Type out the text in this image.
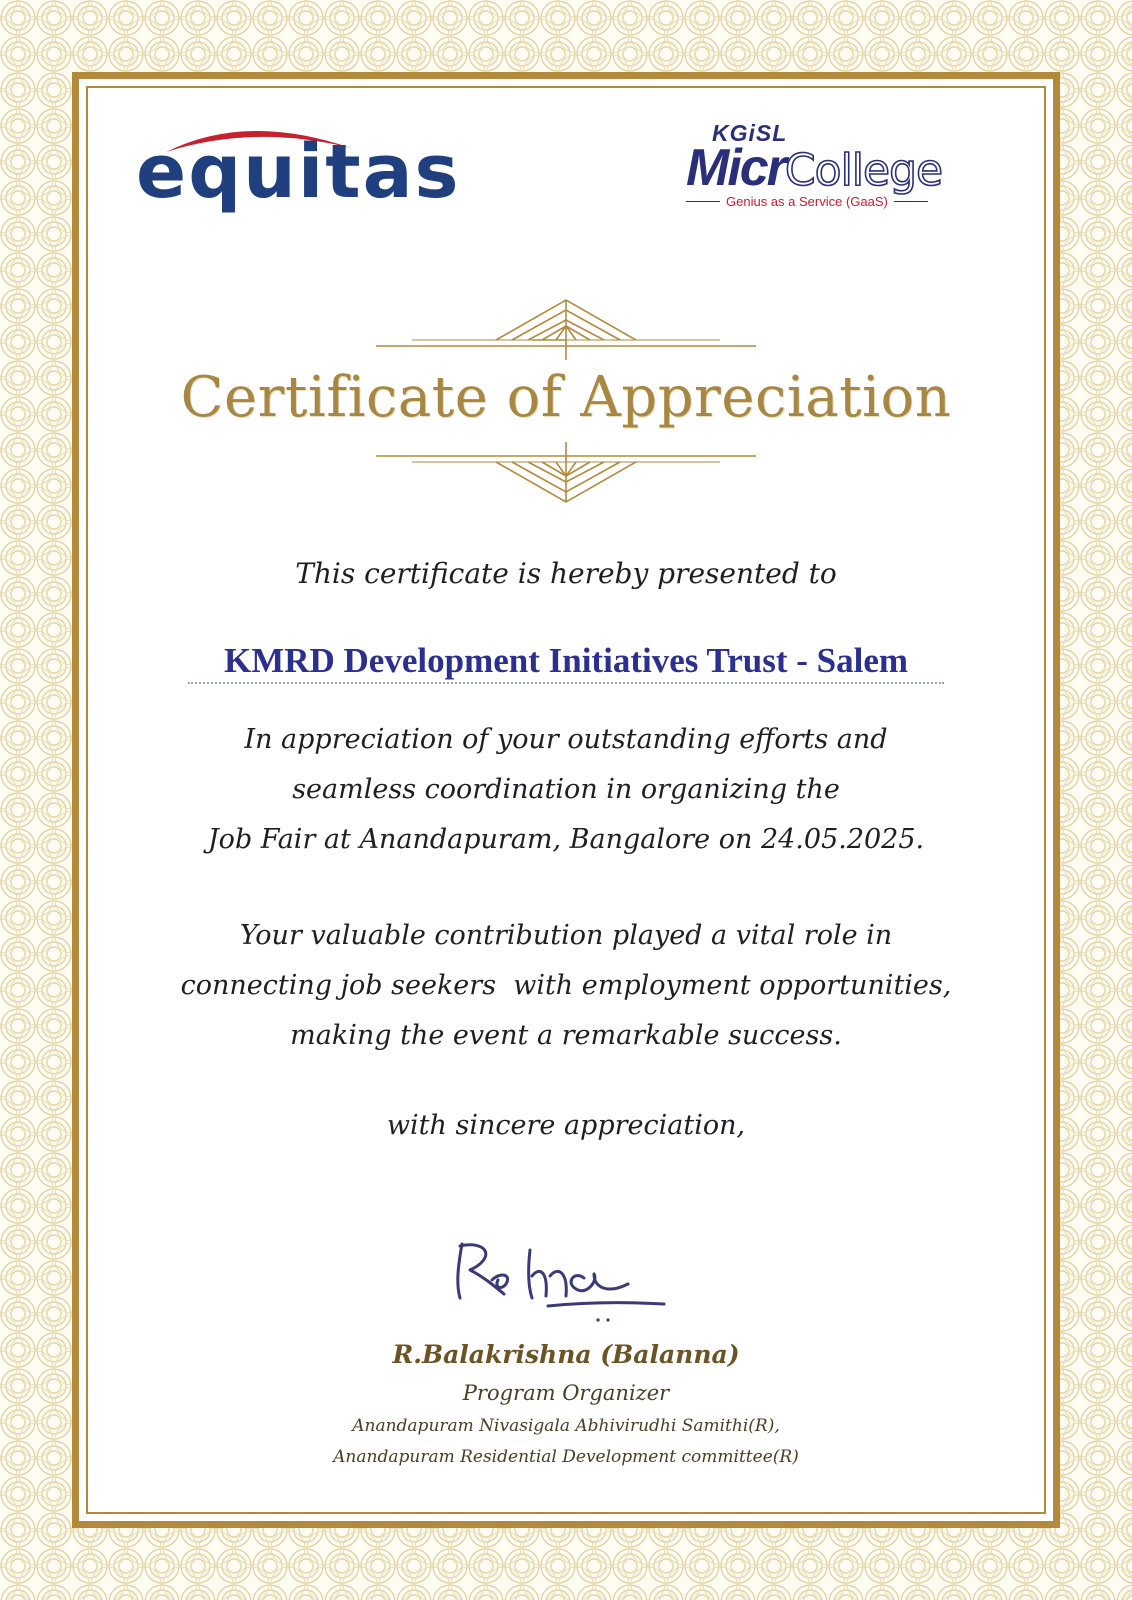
equitas	KGiSL
MicrCollege
Genius as a Service (GaaS)
Certificate of Appreciation
This certificate is hereby presented to
KMRD Development Initiatives Trust - Salem
In appreciation of your outstanding efforts and
seamless coordination in organizing the
Job Fair at Anandapuram, Bangalore on 24.05.2025.
Your valuable contribution played a vital role in
connecting job seekers  with employment opportunities,
making the event a remarkable success.
with sincere appreciation,
R.Balakrishna (Balanna)
Program Organizer
Anandapuram Nivasigala Abhivirudhi Samithi(R),
Anandapuram Residential Development committee(R)
